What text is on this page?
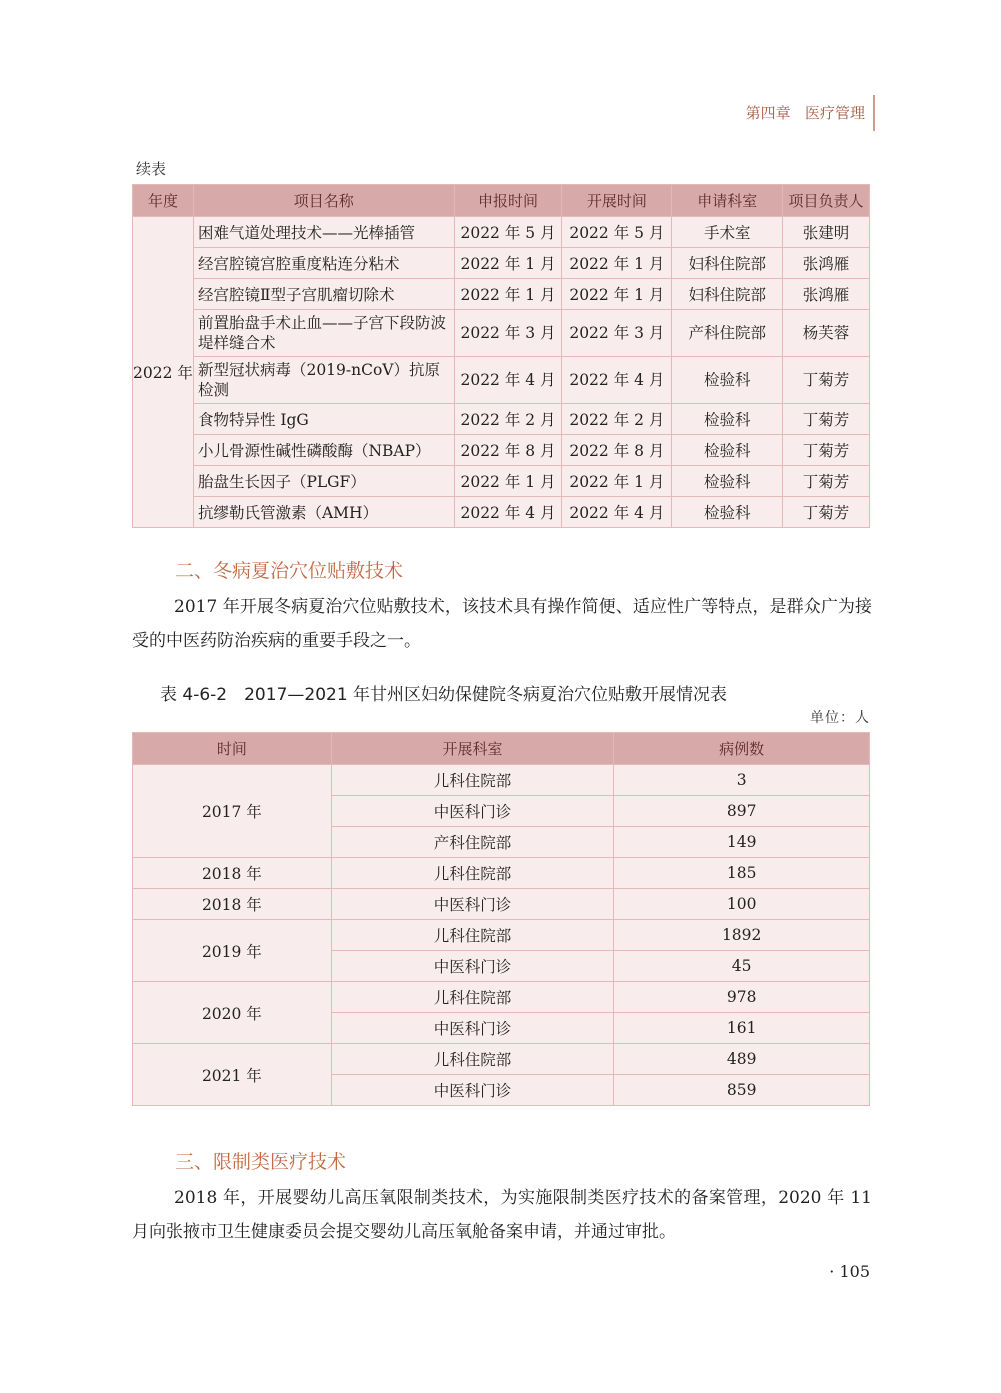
第四章 医疗管理
续表
年度	项目名称	申报时间	开展时间	申请科室	项目负责人
2022 年	困难气道处理技术——光棒插管	2022 年 5 月	2022 年 5 月	手术室	张建明
	经宫腔镜宫腔重度粘连分粘术	2022 年 1 月	2022 年 1 月	妇科住院部	张鸿雁
	经宫腔镜Ⅱ型子宫肌瘤切除术	2022 年 1 月	2022 年 1 月	妇科住院部	张鸿雁
	前置胎盘手术止血——子宫下段防波堤样缝合术	2022 年 3 月	2022 年 3 月	产科住院部	杨芙蓉
	新型冠状病毒（2019-nCoV）抗原检测	2022 年 4 月	2022 年 4 月	检验科	丁菊芳
	食物特异性 IgG	2022 年 2 月	2022 年 2 月	检验科	丁菊芳
	小儿骨源性碱性磷酸酶（NBAP）	2022 年 8 月	2022 年 8 月	检验科	丁菊芳
	胎盘生长因子（PLGF）	2022 年 1 月	2022 年 1 月	检验科	丁菊芳
	抗缪勒氏管激素（AMH）	2022 年 4 月	2022 年 4 月	检验科	丁菊芳
二、冬病夏治穴位贴敷技术
2017 年开展冬病夏治穴位贴敷技术，该技术具有操作简便、适应性广等特点，是群众广为接受的中医药防治疾病的重要手段之一。
表 4-6-2　2017—2021 年甘州区妇幼保健院冬病夏治穴位贴敷开展情况表
单位：人
时间	开展科室	病例数
2017 年	儿科住院部	3
	中医科门诊	897
	产科住院部	149
2018 年	儿科住院部	185
2018 年	中医科门诊	100
2019 年	儿科住院部	1892
	中医科门诊	45
2020 年	儿科住院部	978
	中医科门诊	161
2021 年	儿科住院部	489
	中医科门诊	859
三、限制类医疗技术
2018 年，开展婴幼儿高压氧限制类技术，为实施限制类医疗技术的备案管理，2020 年 11 月向张掖市卫生健康委员会提交婴幼儿高压氧舱备案申请，并通过审批。
· 105
